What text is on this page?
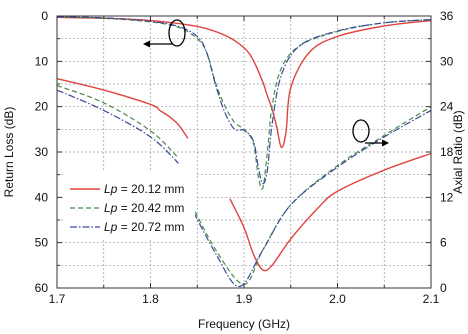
1.7	1.8	1.9	2.0	2.1
0
10
20
30
40
50
60
36
30
24
18
12
6
0
Frequency (GHz)
Return Loss (dB)	Axial Ratio (dB)
Lp = 20.12 mm
Lp = 20.42 mm
Lp = 20.72 mm
